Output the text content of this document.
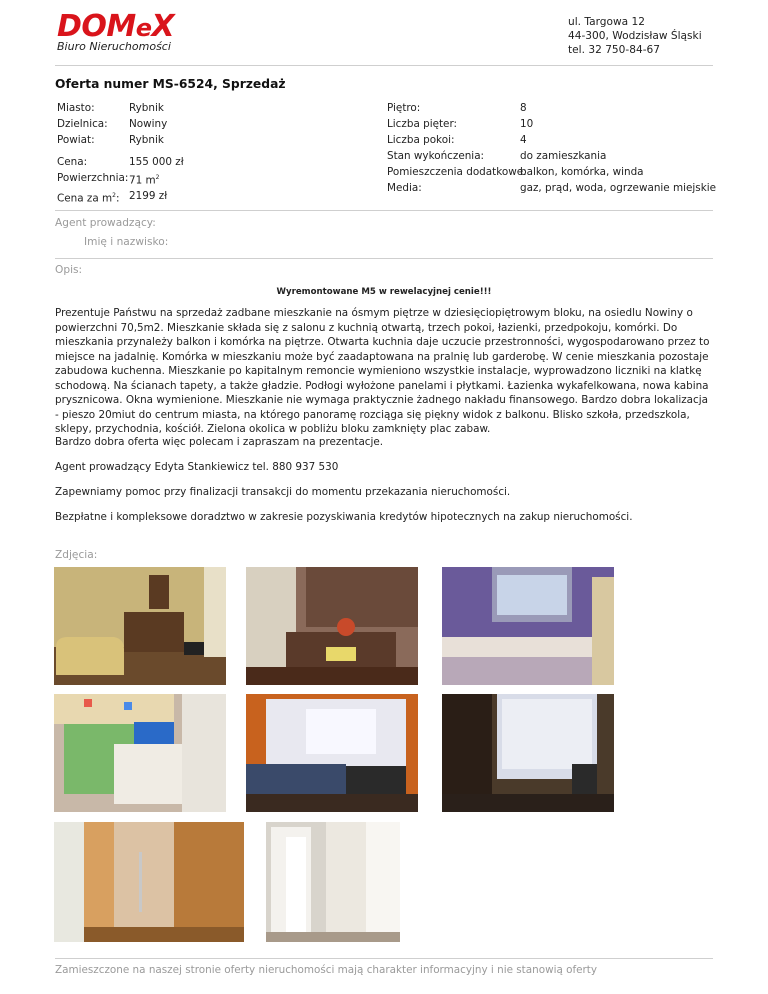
DOMeX
Biuro Nieruchomości
ul. Targowa 12
44-300, Wodzisław Śląski
tel. 32 750-84-67
Oferta numer MS-6524, Sprzedaż
Miasto:	Rybnik
Dzielnica: Nowiny
Powiat:	Rybnik
Cena:	155 000 zł
Powierzchnia: 71 $m^2$
Cena za $m^2$: 2199 zł
Piętro:	8
Liczba pięter:	10
Liczba pokoi:	4
Stan wykończenia:	do zamieszkania
Pomieszczenia dodatkowe:
balkon, komórka, winda
Media:	gaz, prąd, woda, ogrzewanie miejskie
Agent prowadzący:
Imię i nazwisko:
Opis:
Wyremontowane M5 w rewelacyjnej cenie!!!
Prezentuje Państwu na sprzedaż zadbane mieszkanie na ósmym piętrze w dziesięciopiętrowym bloku, na osiedlu Nowiny o powierzchni 70,5m2. Mieszkanie składa się z salonu z kuchnią otwartą, trzech pokoi, łazienki, przedpokoju, komórki. Do mieszkania przynależy balkon i komórka na piętrze. Otwarta kuchnia daje uczucie przestronności, wygospodarowano przez to miejsce na jadalnię. Komórka w mieszkaniu może być zaadaptowana na pralnię lub garderobę. W cenie mieszkania pozostaje zabudowa kuchenna. Mieszkanie po kapitalnym remoncie wymieniono wszystkie instalacje, wyprowadzono liczniki na klatkę schodową. Na ścianach tapety, a także gładzie. Podłogi wyłożone panelami i płytkami. Łazienka wykafelkowana, nowa kabina prysznicowa. Okna wymienione. Mieszkanie nie wymaga praktycznie żadnego nakładu finansowego. Bardzo dobra lokalizacja - pieszo 20miut do centrum miasta, na którego panoramę rozciąga się piękny widok z balkonu. Blisko szkoła, przedszkola, sklepy, przychodnia, kościół. Zielona okolica w pobliżu bloku zamknięty plac zabaw.
Bardzo dobra oferta więc polecam i zapraszam na prezentacje.
Agent prowadzący Edyta Stankiewicz tel. 880 937 530
Zapewniamy pomoc przy finalizacji transakcji do momentu przekazania nieruchomości.
Bezpłatne i kompleksowe doradztwo w zakresie pozyskiwania kredytów hipotecznych na zakup nieruchomości.
Zdjęcia:
Zamieszczone na naszej stronie oferty nieruchomości mają charakter informacyjny i nie stanowią oferty
